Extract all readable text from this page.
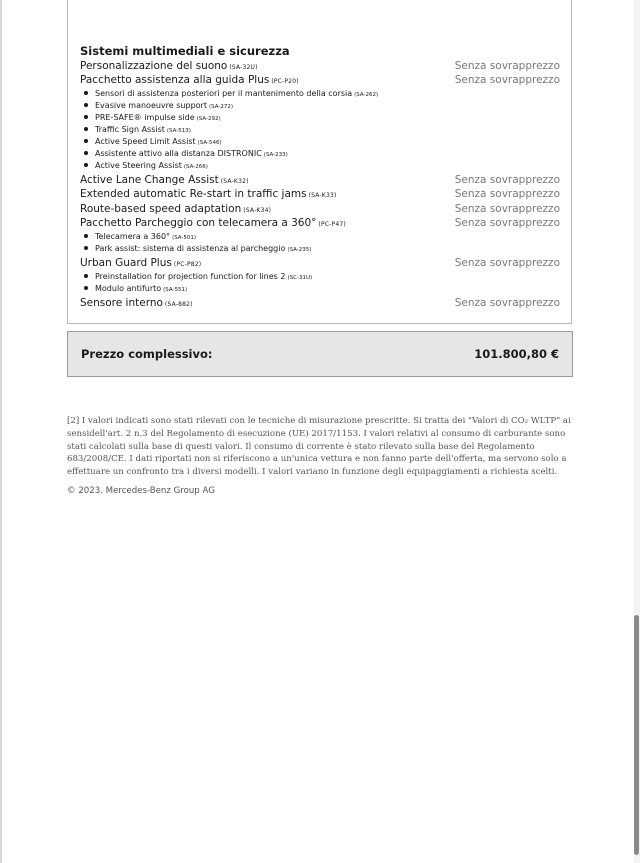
Sistemi multimediali e sicurezza
Personalizzazione del suono (SA-32U)	Senza sovrapprezzo
Pacchetto assistenza alla guida Plus (PC-P20)	Senza sovrapprezzo
Sensori di assistenza posteriori per il mantenimento della corsia (SA-262)
Evasive manoeuvre support (SA-272)
PRE-SAFE® impulse side (SA-292)
Traffic Sign Assist (SA-513)
Active Speed Limit Assist (SA-546)
Assistente attivo alla distanza DISTRONIC (SA-233)
Active Steering Assist (SA-266)
Active Lane Change Assist (SA-K32)	Senza sovrapprezzo
Extended automatic Re-start in traffic jams (SA-K33)	Senza sovrapprezzo
Route-based speed adaptation (SA-K34)	Senza sovrapprezzo
Pacchetto Parcheggio con telecamera a 360° (PC-P47)	Senza sovrapprezzo
Telecamera a 360° (SA-501)
Park assist: sistema di assistenza al parcheggio (SA-235)
Urban Guard Plus (PC-P82)	Senza sovrapprezzo
Preinstallation for projection function for lines 2 (SC-31U)
Modulo antifurto (SA-551)
Sensore interno (SA-882)	Senza sovrapprezzo
Prezzo complessivo:	101.800,80 €
[2] I valori indicati sono stati rilevati con le tecniche di misurazione prescritte. Si tratta dei "Valori di CO₂ WLTP" ai sensidell'art. 2 n.3 del Regolamento di esecuzione (UE) 2017/1153. I valori relativi al consumo di carburante sono stati calcolati sulla base di questi valori. Il consumo di corrente è stato rilevato sulla base del Regolamento 683/2008/CE. I dati riportati non si riferiscono a un'unica vettura e non fanno parte dell'offerta, ma servono solo a effettuare un confronto tra i diversi modelli. I valori variano in funzione degli equipaggiamenti a richiesta scelti.
© 2023. Mercedes-Benz Group AG
